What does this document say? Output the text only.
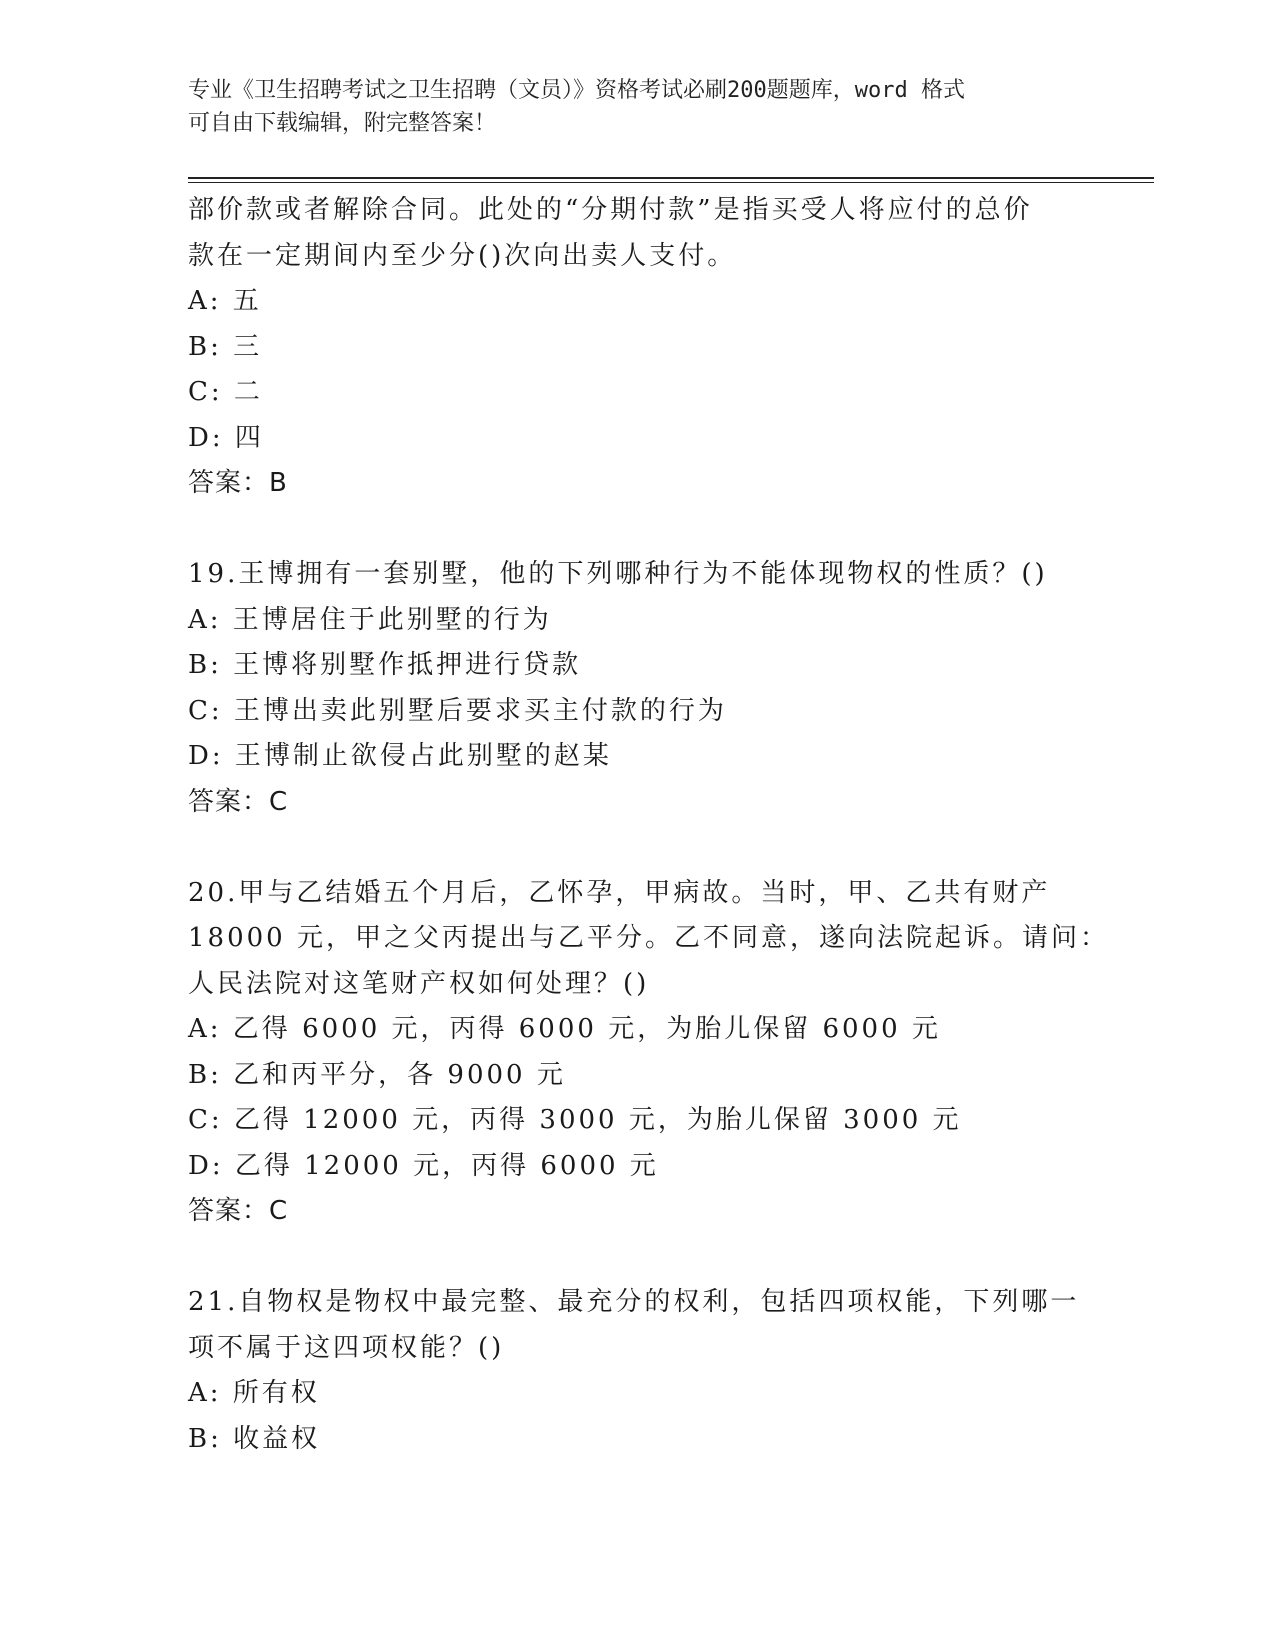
专业《卫生招聘考试之卫生招聘（文员）》资格考试必刷200题题库，word 格式
可自由下载编辑，附完整答案！
部价款或者解除合同。此处的“分期付款”是指买受人将应付的总价
款在一定期间内至少分()次向出卖人支付。
A: 五
B: 三
C: 二
D: 四
答案：B
19.王博拥有一套别墅，他的下列哪种行为不能体现物权的性质？()
A: 王博居住于此别墅的行为
B: 王博将别墅作抵押进行贷款
C: 王博出卖此别墅后要求买主付款的行为
D: 王博制止欲侵占此别墅的赵某
答案：C
20.甲与乙结婚五个月后，乙怀孕，甲病故。当时，甲、乙共有财产
18000 元，甲之父丙提出与乙平分。乙不同意，遂向法院起诉。请问：
人民法院对这笔财产权如何处理？()
A: 乙得 6000 元，丙得 6000 元，为胎儿保留 6000 元
B: 乙和丙平分，各 9000 元
C: 乙得 12000 元，丙得 3000 元，为胎儿保留 3000 元
D: 乙得 12000 元，丙得 6000 元
答案：C
21.自物权是物权中最完整、最充分的权利，包括四项权能，下列哪一
项不属于这四项权能？()
A: 所有权
B: 收益权
